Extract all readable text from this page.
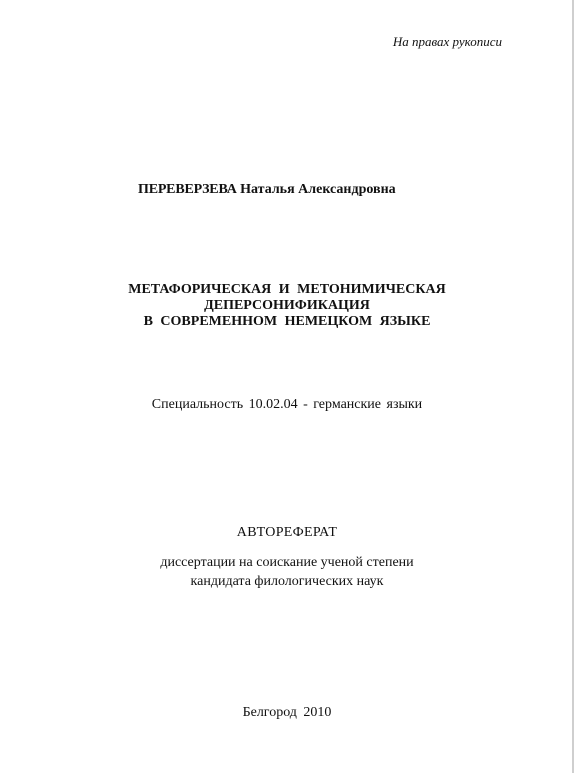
На правах рукописи
ПЕРЕВЕРЗЕВА Наталья Александровна
МЕТАФОРИЧЕСКАЯ И МЕТОНИМИЧЕСКАЯ
ДЕПЕРСОНИФИКАЦИЯ
В СОВРЕМЕННОМ НЕМЕЦКОМ ЯЗЫКЕ
Специальность 10.02.04 - германские языки
АВТОРЕФЕРАТ
диссертации на соискание ученой степени
кандидата филологических наук
Белгород 2010
